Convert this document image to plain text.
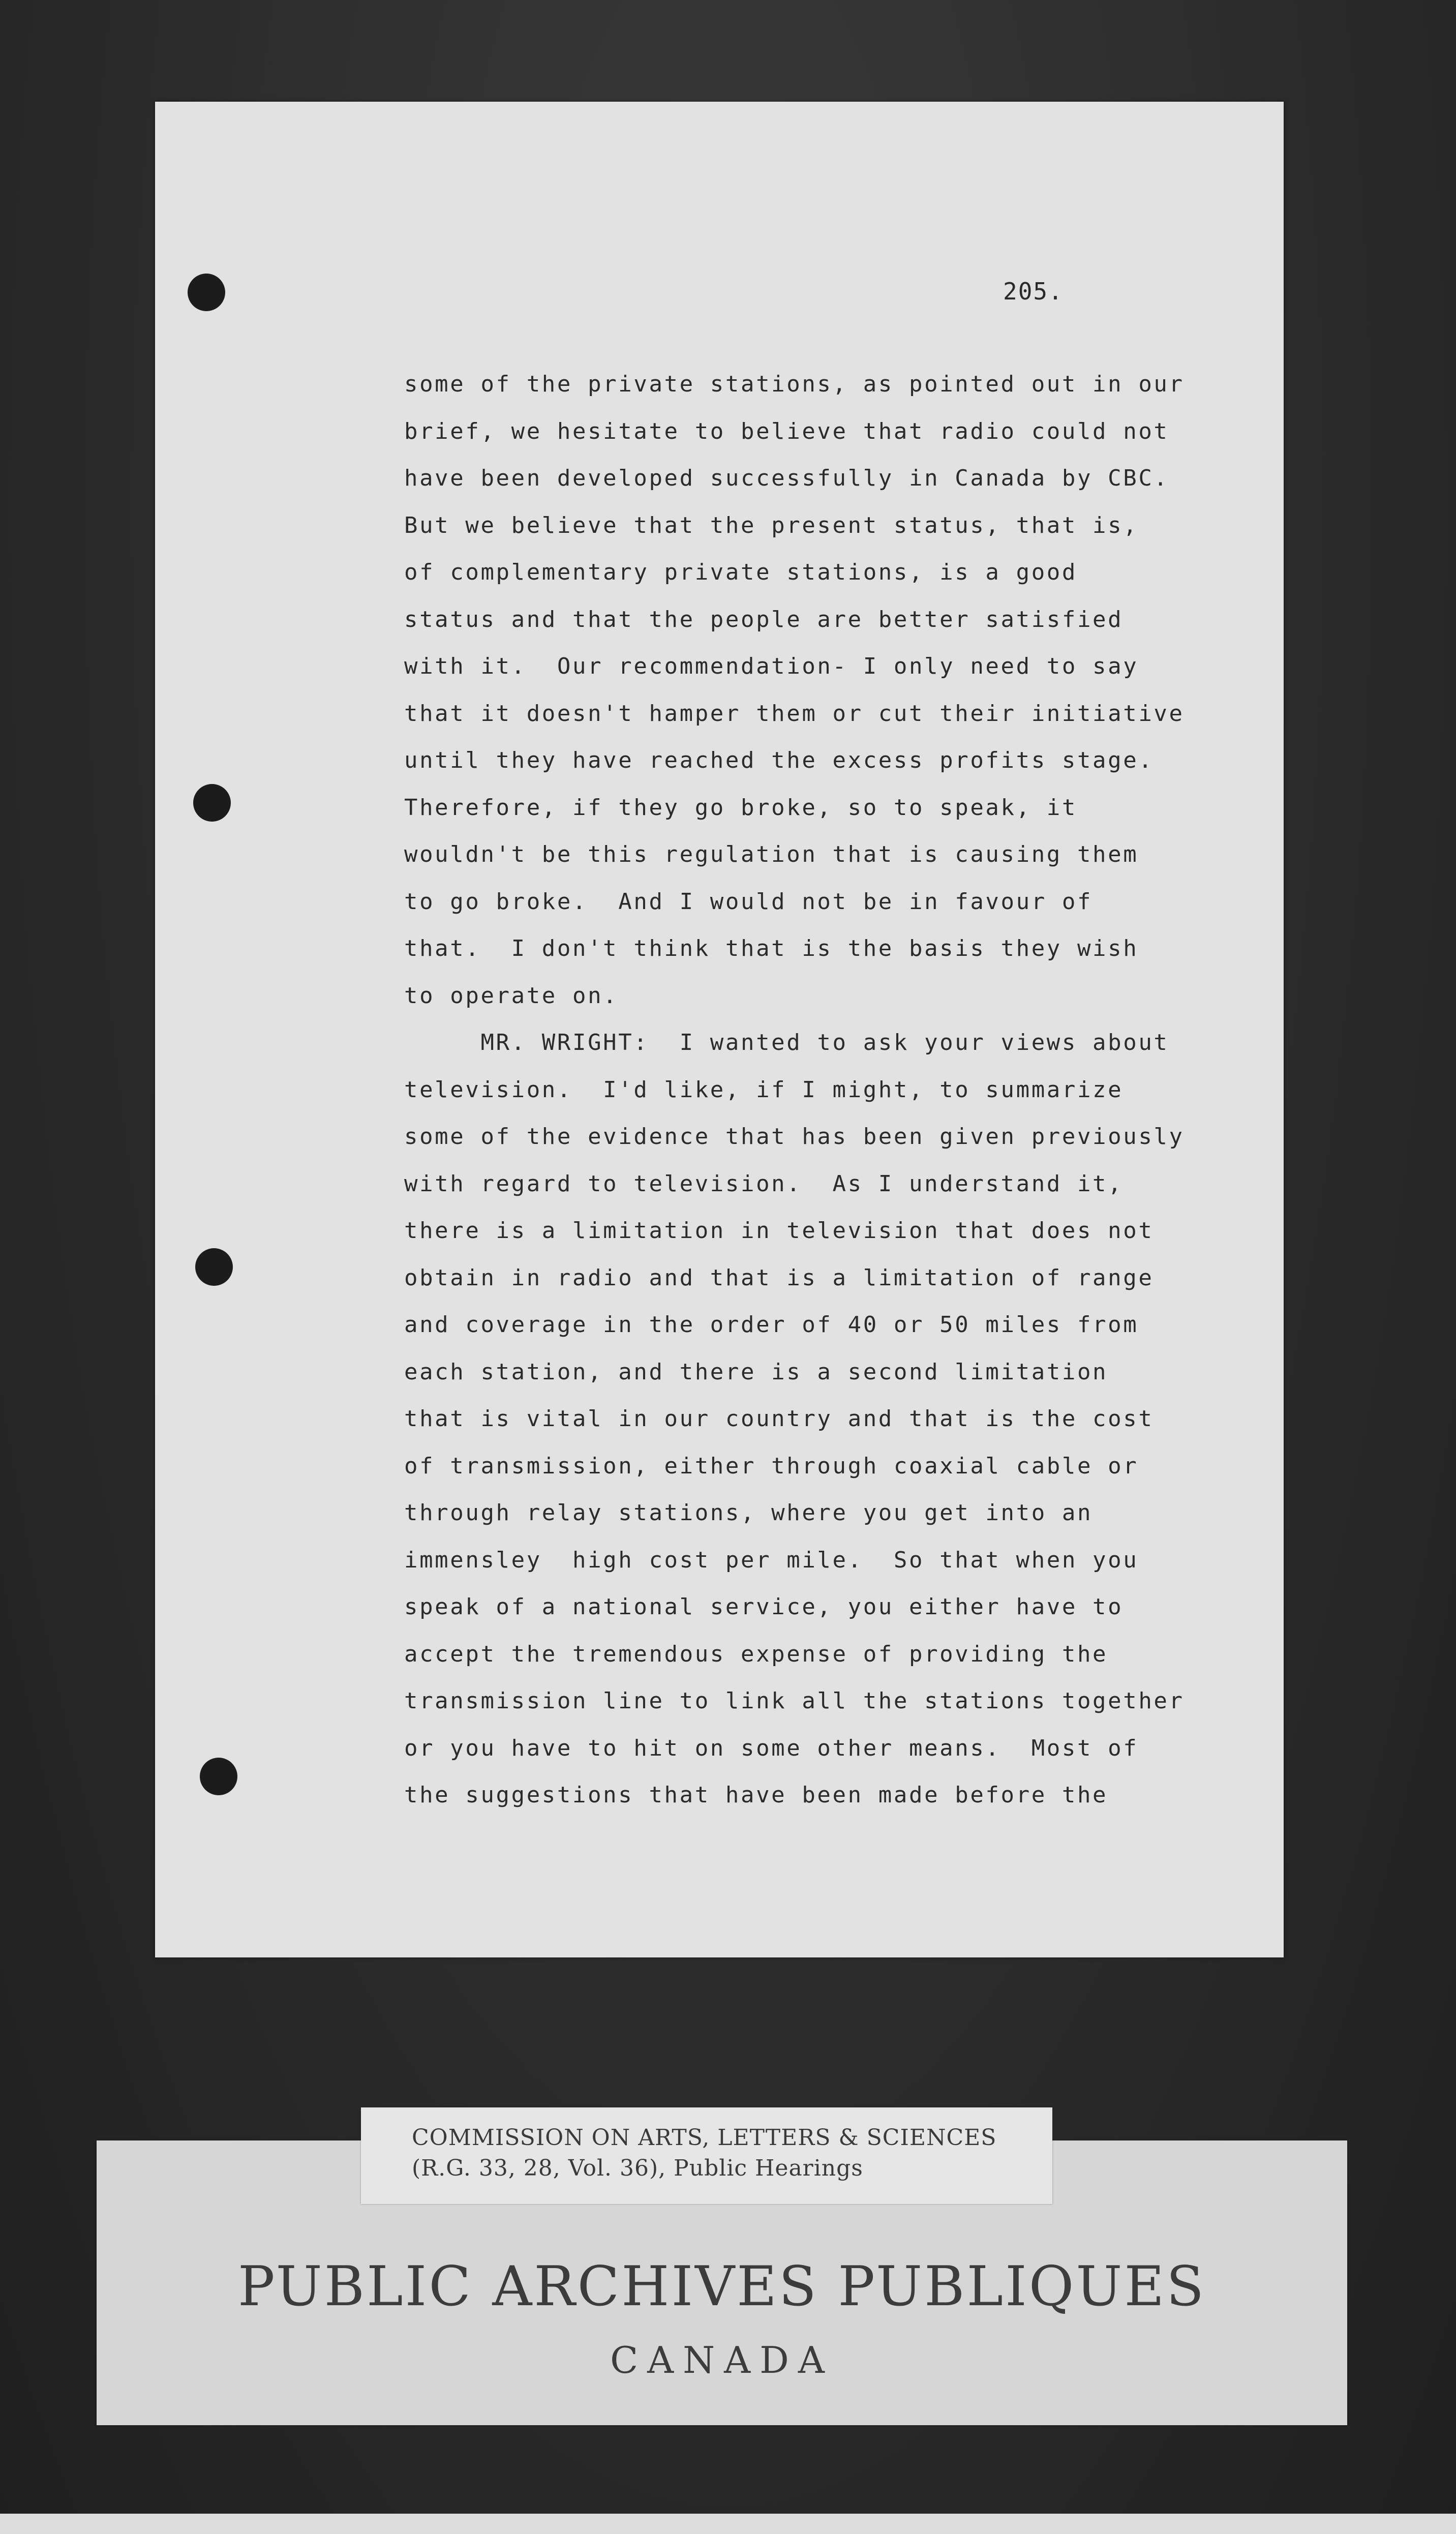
205.
some of the private stations, as pointed out in our
brief, we hesitate to believe that radio could not
have been developed successfully in Canada by CBC.
But we believe that the present status, that is,
of complementary private stations, is a good
status and that the people are better satisfied
with it.  Our recommendation- I only need to say
that it doesn't hamper them or cut their initiative
until they have reached the excess profits stage.
Therefore, if they go broke, so to speak, it
wouldn't be this regulation that is causing them
to go broke.  And I would not be in favour of
that.  I don't think that is the basis they wish
to operate on.
MR. WRIGHT:  I wanted to ask your views about
television.  I'd like, if I might, to summarize
some of the evidence that has been given previously
with regard to television.  As I understand it,
there is a limitation in television that does not
obtain in radio and that is a limitation of range
and coverage in the order of 40 or 50 miles from
each station, and there is a second limitation
that is vital in our country and that is the cost
of transmission, either through coaxial cable or
through relay stations, where you get into an
immensley  high cost per mile.  So that when you
speak of a national service, you either have to
accept the tremendous expense of providing the
transmission line to link all the stations together
or you have to hit on some other means.  Most of
the suggestions that have been made before the
COMMISSION ON ARTS, LETTERS & SCIENCES
(R.G. 33, 28, Vol. 36), Public Hearings
PUBLIC ARCHIVES PUBLIQUES
CANADA
